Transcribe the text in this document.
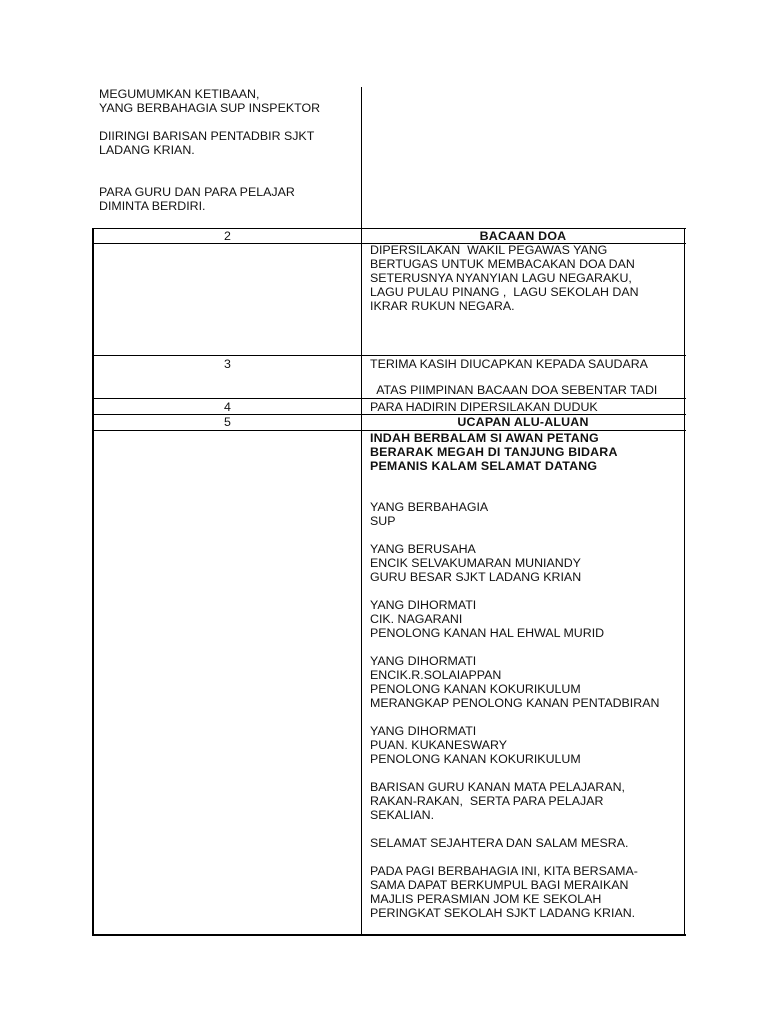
MEGUMUMKAN KETIBAAN,
YANG BERBAHAGIA SUP INSPEKTOR
DIIRINGI BARISAN PENTADBIR SJKT
LADANG KRIAN.
PARA GURU DAN PARA PELAJAR
DIMINTA BERDIRI.
2	BACAAN DOA
DIPERSILAKAN  WAKIL PEGAWAS YANG
BERTUGAS UNTUK MEMBACAKAN DOA DAN
SETERUSNYA NYANYIAN LAGU NEGARAKU,
LAGU PULAU PINANG ,  LAGU SEKOLAH DAN
IKRAR RUKUN NEGARA.
3	TERIMA KASIH DIUCAPKAN KEPADA SAUDARA
ATAS PIIMPINAN BACAAN DOA SEBENTAR TADI
4	PARA HADIRIN DIPERSILAKAN DUDUK
5	UCAPAN ALU-ALUAN
INDAH BERBALAM SI AWAN PETANG
BERARAK MEGAH DI TANJUNG BIDARA
PEMANIS KALAM SELAMAT DATANG
YANG BERBAHAGIA
SUP
YANG BERUSAHA
ENCIK SELVAKUMARAN MUNIANDY
GURU BESAR SJKT LADANG KRIAN
YANG DIHORMATI
CIK. NAGARANI
PENOLONG KANAN HAL EHWAL MURID
YANG DIHORMATI
ENCIK.R.SOLAIAPPAN
PENOLONG KANAN KOKURIKULUM
MERANGKAP PENOLONG KANAN PENTADBIRAN
YANG DIHORMATI
PUAN. KUKANESWARY
PENOLONG KANAN KOKURIKULUM
BARISAN GURU KANAN MATA PELAJARAN,
RAKAN-RAKAN,  SERTA PARA PELAJAR
SEKALIAN.
SELAMAT SEJAHTERA DAN SALAM MESRA.
PADA PAGI BERBAHAGIA INI, KITA BERSAMA-
SAMA DAPAT BERKUMPUL BAGI MERAIKAN
MAJLIS PERASMIAN JOM KE SEKOLAH
PERINGKAT SEKOLAH SJKT LADANG KRIAN.
